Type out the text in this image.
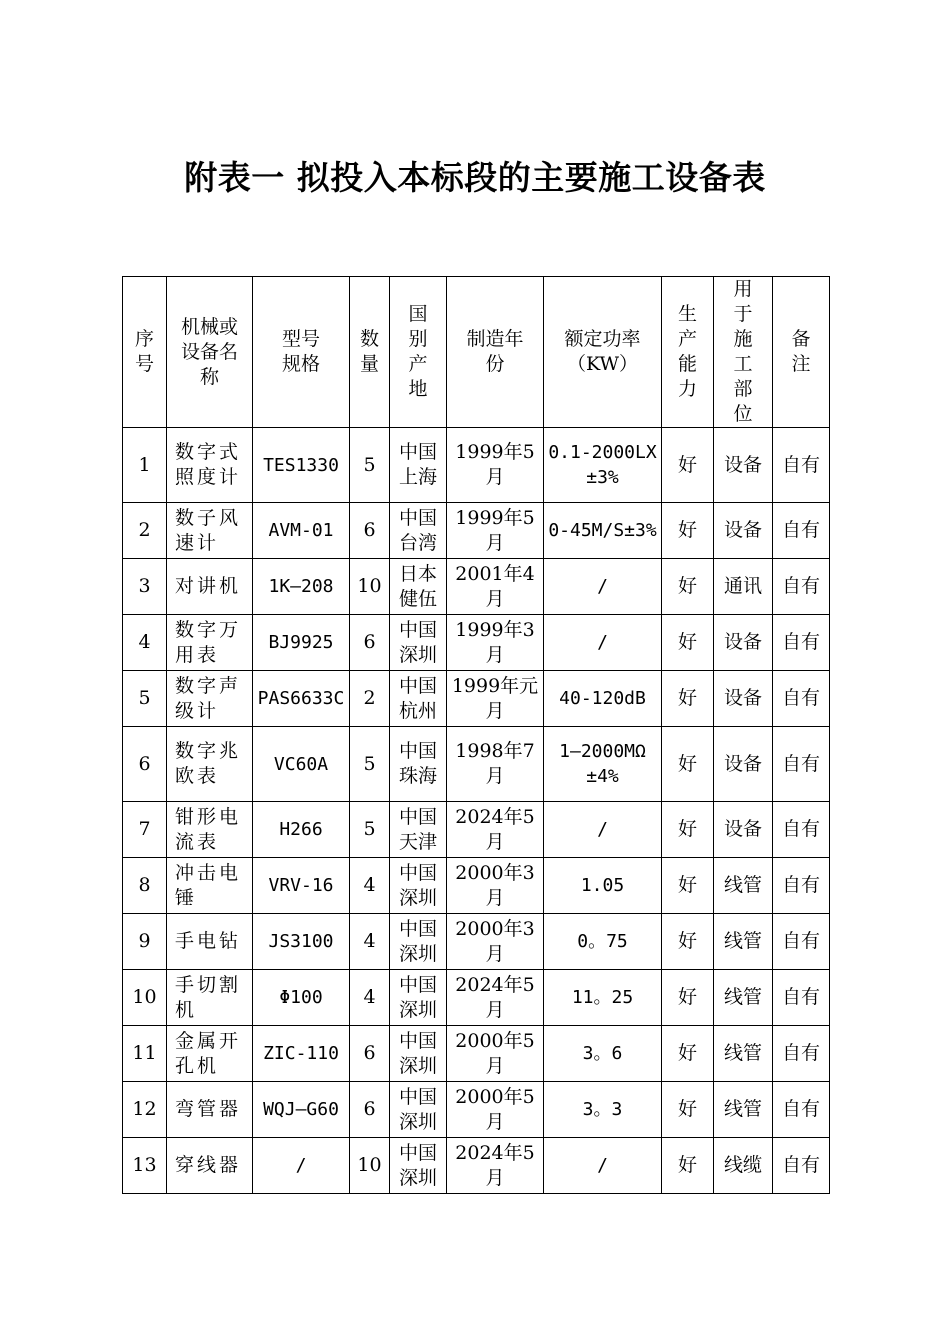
附表一 拟投入本标段的主要施工设备表
序号	机械或设备名称	型号规格	数量	国别产地	制造年份	额定功率（KW）	生产能力	用于施工部位	备注

1	数字式照度计	TES1330	5	中国上海	1999年5月	0.1-2000LX±3%	好	设备	自有
2	数子风速计	AVM-01	6	中国台湾	1999年5月	0-45M/S±3%	好	设备	自有
3	对讲机	1K—208	10	日本健伍	2001年4月	/	好	通讯	自有
4	数字万用表	BJ9925	6	中国深圳	1999年3月	/	好	设备	自有
5	数字声级计	PAS6633C	2	中国杭州	1999年元月	40-120dB	好	设备	自有
6	数字兆欧表	VC60A	5	中国珠海	1998年7月	1—2000MΩ±4%	好	设备	自有
7	钳形电流表	H266	5	中国天津	2024年5月	/	好	设备	自有
8	冲击电锤	VRV-16	4	中国深圳	2000年3月	1.05	好	线管	自有
9	手电钻	JS3100	4	中国深圳	2000年3月	0。75	好	线管	自有
10	手切割机	Φ100	4	中国深圳	2024年5月	11。25	好	线管	自有
11	金属开孔机	ZIC-110	6	中国深圳	2000年5月	3。6	好	线管	自有
12	弯管器	WQJ—G60	6	中国深圳	2000年5月	3。3	好	线管	自有
13	穿线器	/	10	中国深圳	2024年5月	/	好	线缆	自有
